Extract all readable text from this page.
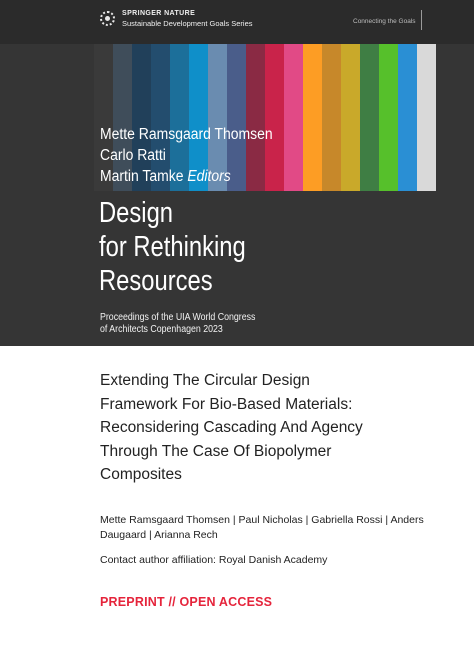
SPRINGER NATURE
Sustainable Development Goals Series	Connecting the Goals
Mette Ramsgaard Thomsen
Carlo Ratti
Martin Tamke Editors
Design
for Rethinking
Resources
Proceedings of the UIA World Congress
of Architects Copenhagen 2023
Extending The Circular Design
Framework For Bio-Based Materials:
Reconsidering Cascading And Agency
Through The Case Of Biopolymer
Composites
Mette Ramsgaard Thomsen | Paul Nicholas | Gabriella Rossi | Anders
Daugaard | Arianna Rech
Contact author affiliation: Royal Danish Academy
PREPRINT // OPEN ACCESS
